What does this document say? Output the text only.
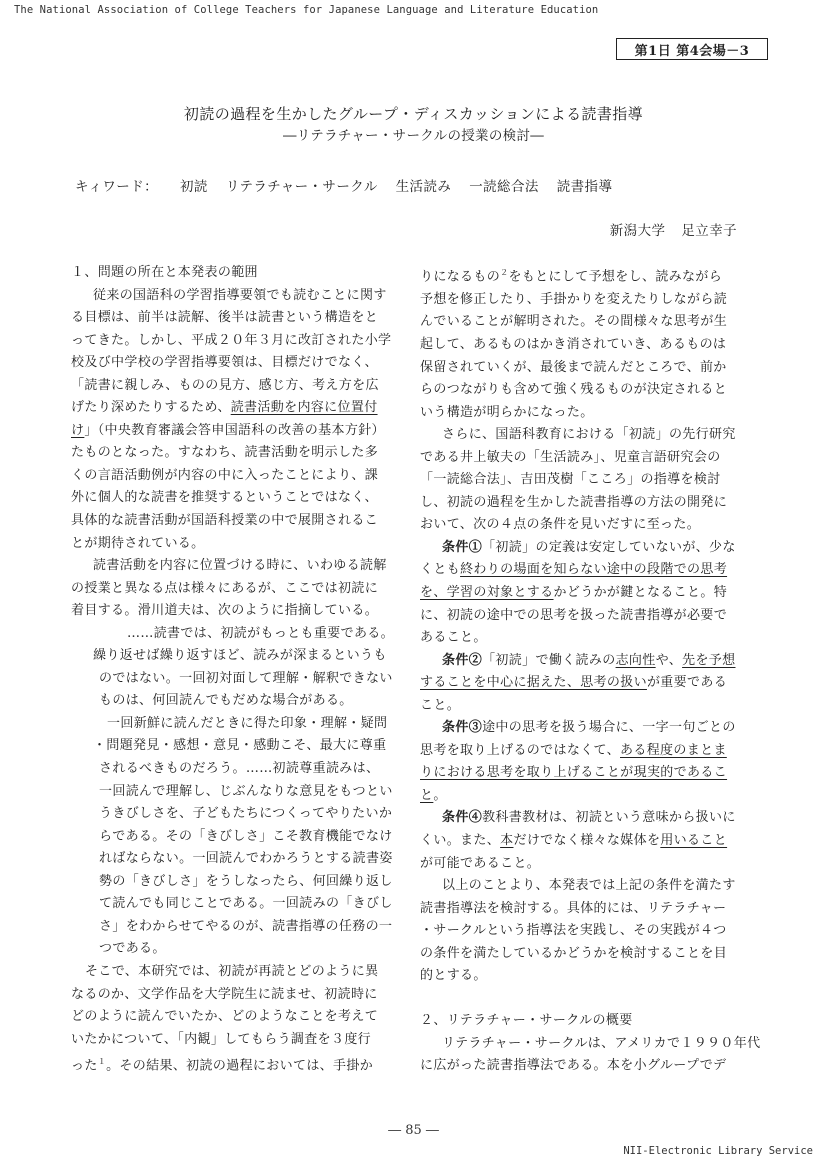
The National Association of College Teachers for Japanese Language and Literature Education
第1日 第4会場－3
初読の過程を生かしたグループ・ディスカッションによる読書指導
―リテラチャー・サークルの授業の検討―
キィワード： 初読 リテラチャー・サークル 生活読み 一読総合法 読書指導
新潟大学 足立幸子

１、問題の所在と本発表の範囲

従来の国語科の学習指導要領でも読むことに関す

る目標は、前半は読解、後半は読書という構造をと

ってきた。しかし、平成２０年３月に改訂された小学

校及び中学校の学習指導要領は、目標だけでなく、

「読書に親しみ、ものの見方、感じ方、考え方を広

げたり深めたりするため、読書活動を内容に位置付

け」（中央教育審議会答申国語科の改善の基本方針）

たものとなった。すなわち、読書活動を明示した多

くの言語活動例が内容の中に入ったことにより、課

外に個人的な読書を推奨するということではなく、

具体的な読書活動が国語科授業の中で展開されるこ

とが期待されている。

読書活動を内容に位置づける時に、いわゆる読解

の授業と異なる点は様々にあるが、ここでは初読に

着目する。滑川道夫は、次のように指摘している。

……読書では、初読がもっとも重要である。

繰り返せば繰り返すほど、読みが深まるというも

のではない。一回初対面して理解・解釈できない

ものは、何回読んでもだめな場合がある。

一回新鮮に読んだときに得た印象・理解・疑問

・問題発見・感想・意見・感動こそ、最大に尊重

されるべきものだろう。……初読尊重読みは、

一回読んで理解し、じぶんなりな意見をもつとい

うきびしさを、子どもたちにつくってやりたいか

らである。その「きびしさ」こそ教育機能でなけ

ればならない。一回読んでわかろうとする読書姿

勢の「きびしさ」をうしなったら、何回繰り返し

て読んでも同じことである。一回読みの「きびし

さ」をわからせてやるのが、読書指導の任務の一

つである。

そこで、本研究では、初読が再読とどのように異

なるのか、文学作品を大学院生に読ませ、初読時に

どのように読んでいたか、どのようなことを考えて

いたかについて、「内観」してもらう調査を３度行

った$^1$。その結果、初読の過程においては、手掛か

りになるもの$^2$をもとにして予想をし、読みながら

予想を修正したり、手掛かりを変えたりしながら読

んでいることが解明された。その間様々な思考が生

起して、あるものはかき消されていき、あるものは

保留されていくが、最後まで読んだところで、前か

らのつながりも含めて強く残るものが決定されると

いう構造が明らかになった。

さらに、国語科教育における「初読」の先行研究

である井上敏夫の「生活読み」、児童言語研究会の

「一読総合法」、吉田茂樹「こころ」の指導を検討

し、初読の過程を生かした読書指導の方法の開発に

おいて、次の４点の条件を見いだすに至った。

条件①「初読」の定義は安定していないが、少な

くとも終わりの場面を知らない途中の段階での思考

を、学習の対象とするかどうかが鍵となること。特

に、初読の途中での思考を扱った読書指導が必要で

あること。

条件②「初読」で働く読みの志向性や、先を予想

することを中心に据えた、思考の扱いが重要である

こと。

条件③途中の思考を扱う場合に、一字一句ごとの

思考を取り上げるのではなくて、ある程度のまとま

りにおける思考を取り上げることが現実的であるこ

と。

条件④教科書教材は、初読という意味から扱いに

くい。また、本だけでなく様々な媒体を用いること

が可能であること。

以上のことより、本発表では上記の条件を満たす

読書指導法を検討する。具体的には、リテラチャー

・サークルという指導法を実践し、その実践が４つ

の条件を満たしているかどうかを検討することを目

的とする。

２、リテラチャー・サークルの概要

リテラチャー・サークルは、アメリカで１９９０年代

に広がった読書指導法である。本を小グループでデ

― 85 ―
NII-Electronic Library Service
